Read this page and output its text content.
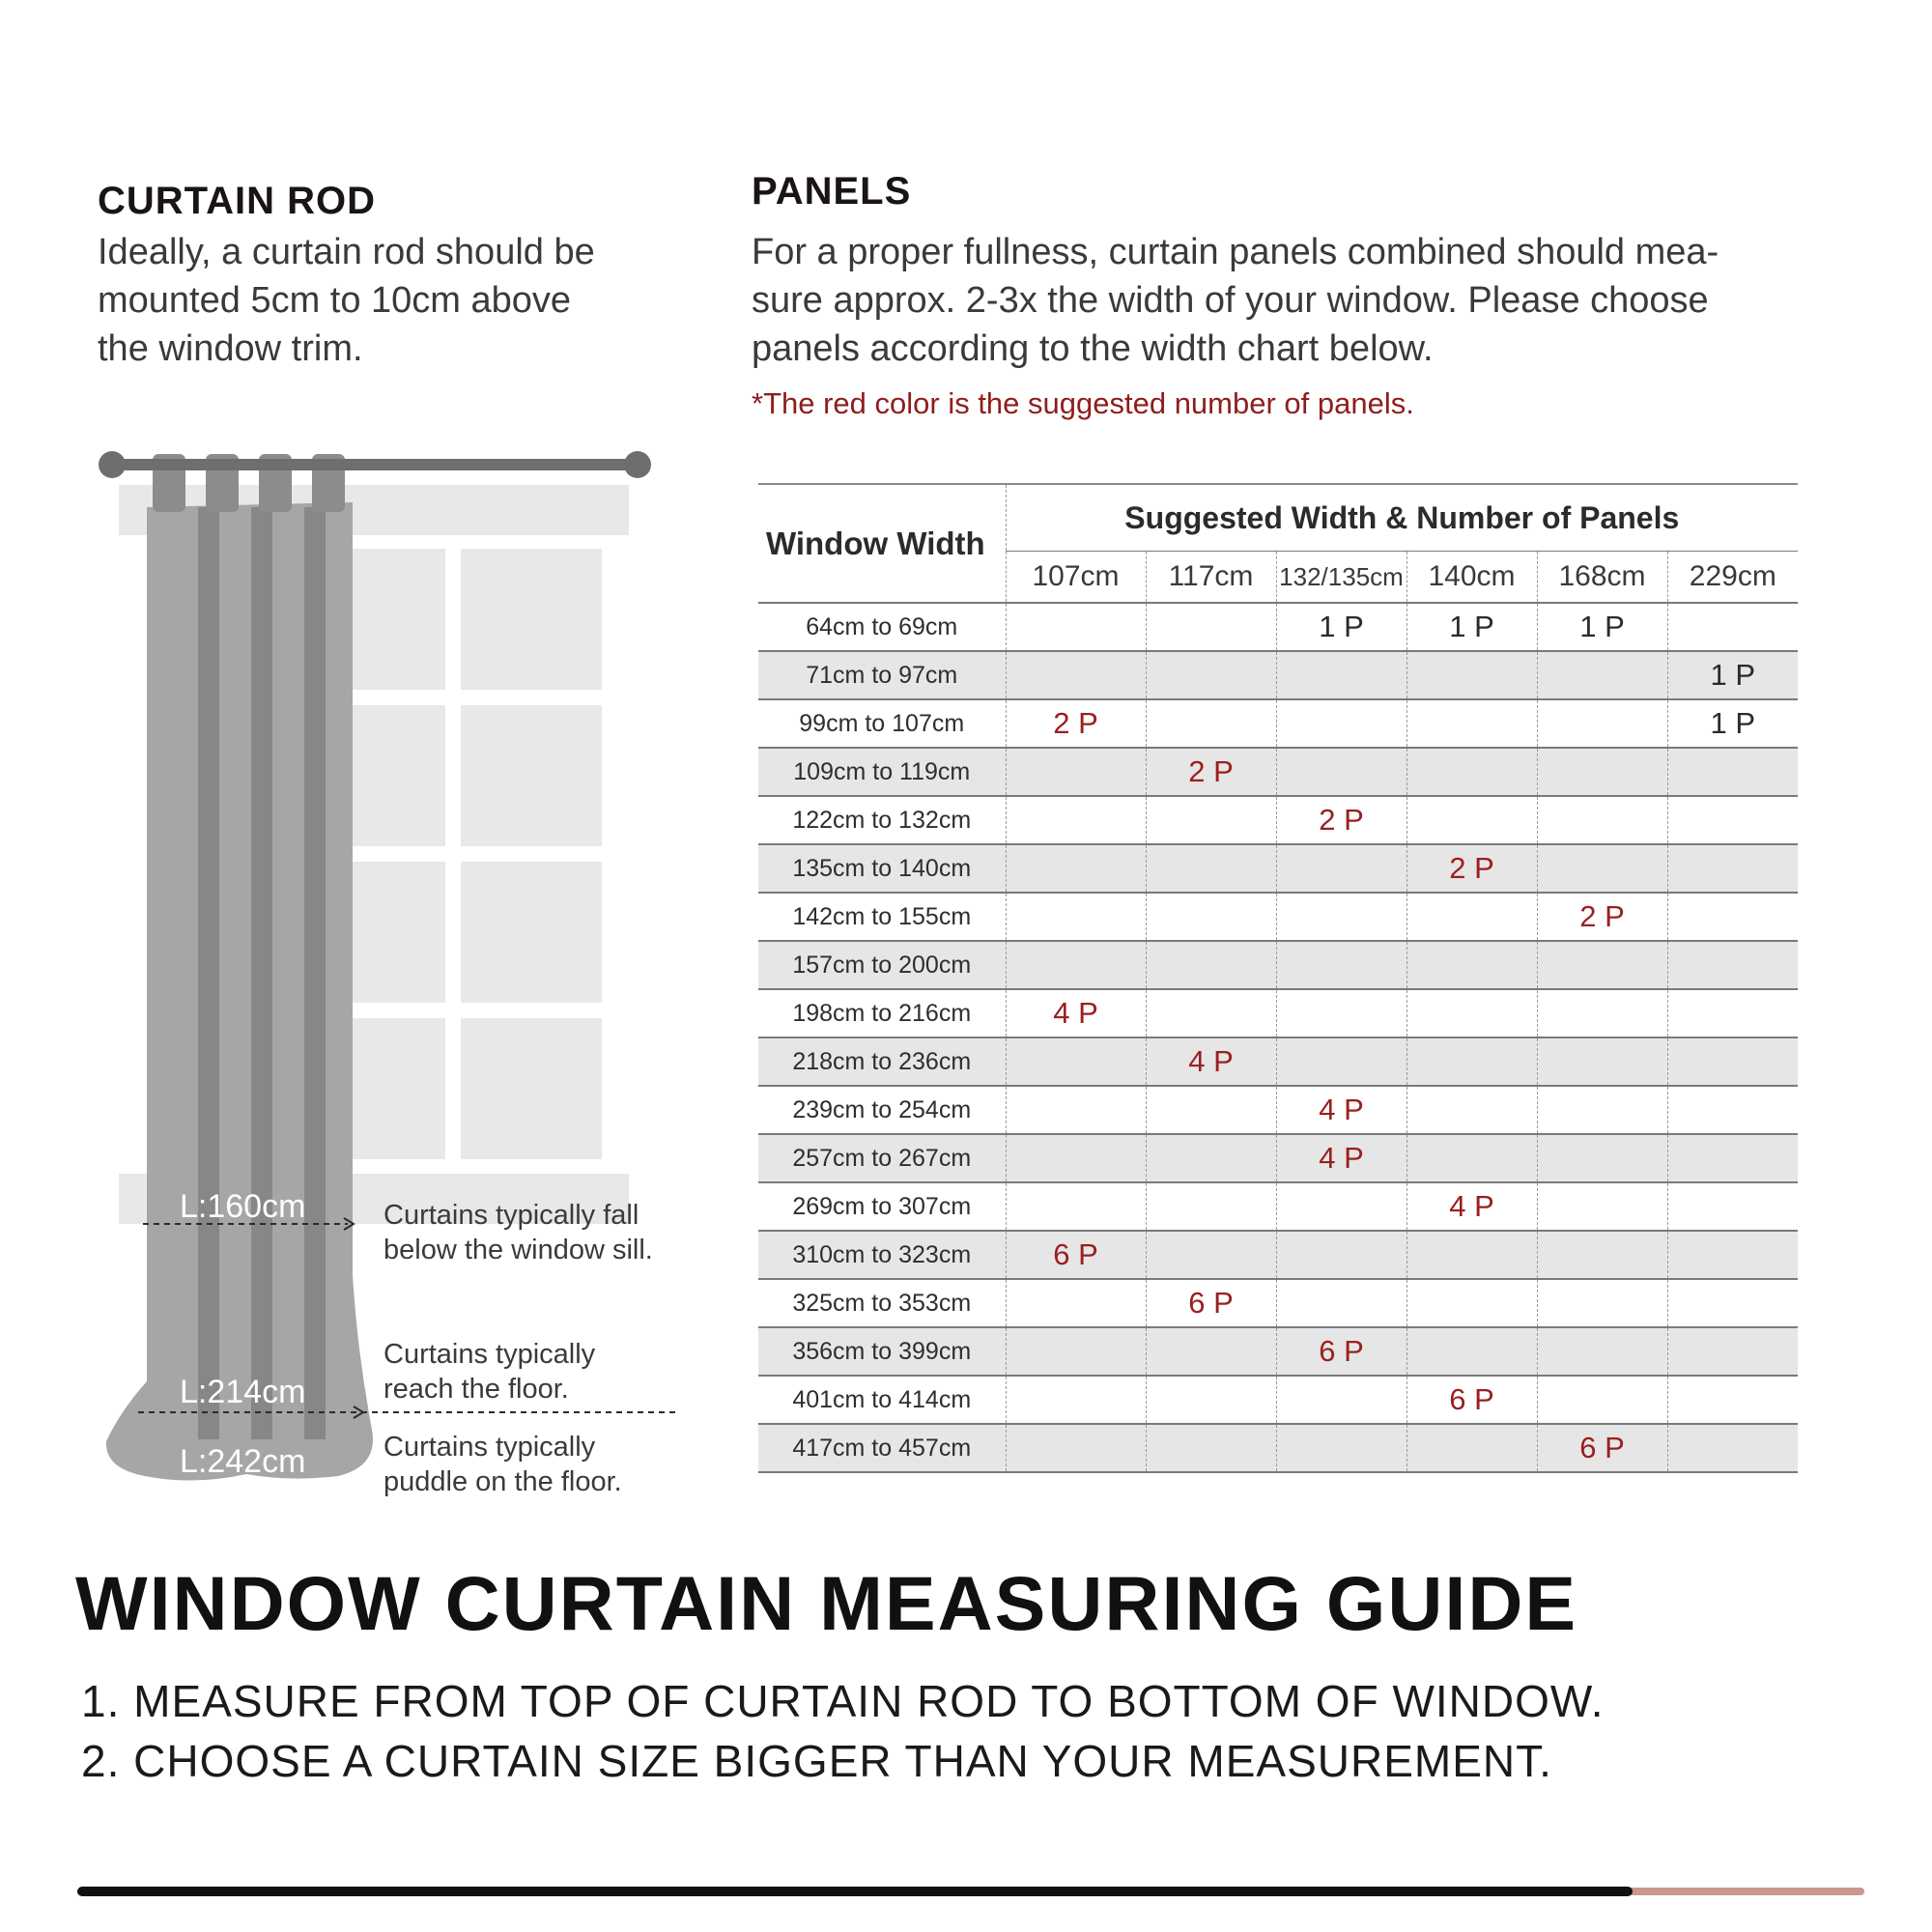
CURTAIN ROD
Ideally, a curtain rod should be
mounted 5cm to 10cm above
the window trim.
PANELS
For a proper fullness, curtain panels combined should mea-
sure approx. 2-3x the width of your window. Please choose
panels according to the width chart below.
*The red color is the suggested number of panels.
L:160cm
L:214cm
L:242cm
Curtains typically fall
below the window sill.
Curtains typically
reach the floor.
Curtains typically
puddle on the floor.
Window Width	Suggested Width & Number of Panels					
	107cm	117cm	132/135cm	140cm	168cm	229cm
64cm to 69cm			1 P	1 P	1 P	
71cm to 97cm						1 P
99cm to 107cm	2 P					1 P
109cm to 119cm		2 P				
122cm to 132cm			2 P			
135cm to 140cm				2 P		
142cm to 155cm					2 P	
157cm to 200cm						
198cm to 216cm	4 P					
218cm to 236cm		4 P				
239cm to 254cm			4 P			
257cm to 267cm			4 P			
269cm to 307cm				4 P		
310cm to 323cm	6 P					
325cm to 353cm		6 P				
356cm to 399cm			6 P			
401cm to 414cm				6 P		
417cm to 457cm					6 P	
WINDOW CURTAIN MEASURING GUIDE
1. MEASURE FROM TOP OF CURTAIN ROD TO BOTTOM OF WINDOW.
2. CHOOSE A CURTAIN SIZE BIGGER THAN YOUR MEASUREMENT.
